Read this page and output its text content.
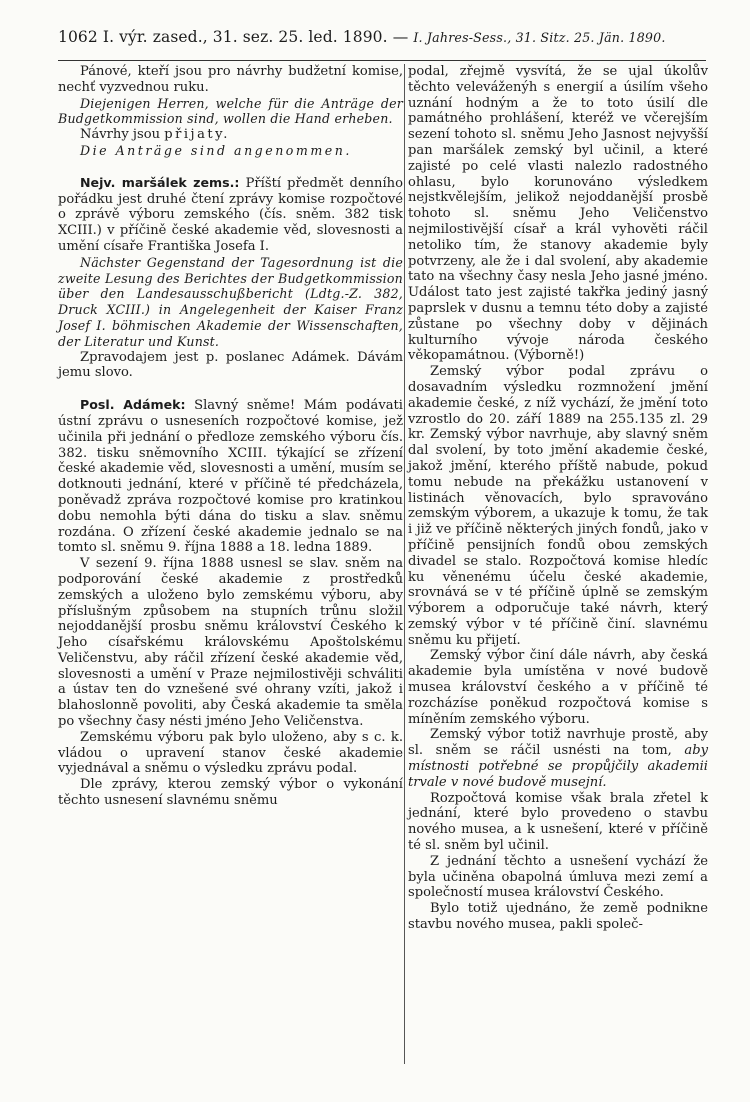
1062 I. výr. zased., 31. sez. 25. led. 1890. — I. Jahres-Sess., 31. Sitz. 25. Jän. 1890.

Pánové, kteří jsou pro návrhy budžetní komise, nechť vyzvednou ruku.

Diejenigen Herren, welche für die Anträge der Budgetkommission sind, wollen die Hand erheben.

Návrhy jsou přijaty.

Die Anträge sind angenommen.

Nejv. maršálek zems.: Příští předmět denního pořádku jest druhé čtení zprávy komise rozpočtové o zprávě výboru zemského (čís. sněm. 382 tisk XCIII.) v příčině české akademie věd, slovesnosti a umění císaře Františka Josefa I.

Nächster Gegenstand der Tagesordnung ist die zweite Lesung des Berichtes der Budgetkommission über den Landesausschußbericht (Ldtg.-Z. 382, Druck XCIII.) in Angelegenheit der Kaiser Franz Josef I. böhmischen Akademie der Wissenschaften, der Literatur und Kunst.

Zpravodajem jest p. poslanec Adámek. Dávám jemu slovo.

Posl. Adámek: Slavný sněme! Mám podávati ústní zprávu o usneseních rozpočtové komise, jež učinila při jednání o předloze zemského výboru čís. 382. tisku sněmovního XCIII. týkající se zřízení české akademie věd, slovesnosti a umění, musím se dotknouti jednání, které v příčině té předcházela, poněvadž zpráva rozpočtové komise pro kratinkou dobu nemohla býti dána do tisku a slav. sněmu rozdána. O zřízení české akademie jednalo se na tomto sl. sněmu 9. října 1888 a 18. ledna 1889.

V sezení 9. října 1888 usnesl se slav. sněm na podporování české akademie z prostředků zemských a uloženo bylo zemskému výboru, aby příslušným způsobem na stupních trůnu složil nejoddanější prosbu sněmu království Českého k Jeho císařskému královskému Apoštolskému Veličenstvu, aby ráčil zřízení české akademie věd, slovesnosti a umění v Praze nejmilostivěji schváliti a ústav ten do vznešené své ohrany vzíti, jakož i blahoslonně povoliti, aby Česká akademie ta směla po všechny časy nésti jméno Jeho Veličenstva.

Zemskému výboru pak bylo uloženo, aby s c. k. vládou o upravení stanov české akademie vyjednával a sněmu o výsledku zprávu podal.

Dle zprávy, kterou zemský výbor o vykonání těchto usnesení slavnému sněmu

podal, zřejmě vysvítá, že se ujal úkolův těchto veleváženýh s energií a úsilím všeho uznání hodným a že to toto úsilí dle památného prohlášení, kteréž ve včerejším sezení tohoto sl. sněmu Jeho Jasnost nejvyšší pan maršálek zemský byl učinil, a které zajisté po celé vlasti nalezlo radostného ohlasu, bylo korunováno výsledkem nejstkvělejším, jelikož nejoddanější prosbě tohoto sl. sněmu Jeho Veličenstvo nejmilostivější císař a král vyhověti ráčil netoliko tím, že stanovy akademie byly potvrzeny, ale že i dal svolení, aby akademie tato na všechny časy nesla Jeho jasné jméno. Událost tato jest zajisté takřka jediný jasný paprslek v dusnu a temnu této doby a zajisté zůstane po všechny doby v dějinách kulturního vývoje národa českého věkopamátnou. (Výborně!)

Zemský výbor podal zprávu o dosavadním výsledku rozmnožení jmění akademie české, z níž vychází, že jmění toto vzrostlo do 20. září 1889 na 255.135 zl. 29 kr. Zemský výbor navrhuje, aby slavný sněm dal svolení, by toto jmění akademie české, jakož jmění, kterého příště nabude, pokud tomu nebude na překážku ustanovení v listinách věnovacích, bylo spravováno zemským výborem, a ukazuje k tomu, že tak i již ve příčině některých jiných fondů, jako v příčině pensijních fondů obou zemských divadel se stalo. Rozpočtová komise hledíc ku věnenému účelu české akademie, srovnává se v té příčině úplně se zemským výborem a odporučuje také návrh, který zemský výbor v té příčině činí. slavnému sněmu ku přijetí.

Zemský výbor činí dále návrh, aby česká akademie byla umístěna v nové budově musea království českého a v příčině té rozcházíse poněkud rozpočtová komise s míněním zemského výboru.

Zemský výbor totiž navrhuje prostě, aby sl. sněm se ráčil usnésti na tom, aby místnosti potřebné se propůjčily akademii trvale v nové budově musejní.

Rozpočtová komise však brala zřetel k jednání, které bylo provedeno o stavbu nového musea, a k usnešení, které v příčině té sl. sněm byl učinil.

Z jednání těchto a usnešení vychází že byla učiněna obapolná úmluva mezi zemí a společností musea království Českého.

Bylo totiž ujednáno, že země podnikne stavbu nového musea, pakli společ-
